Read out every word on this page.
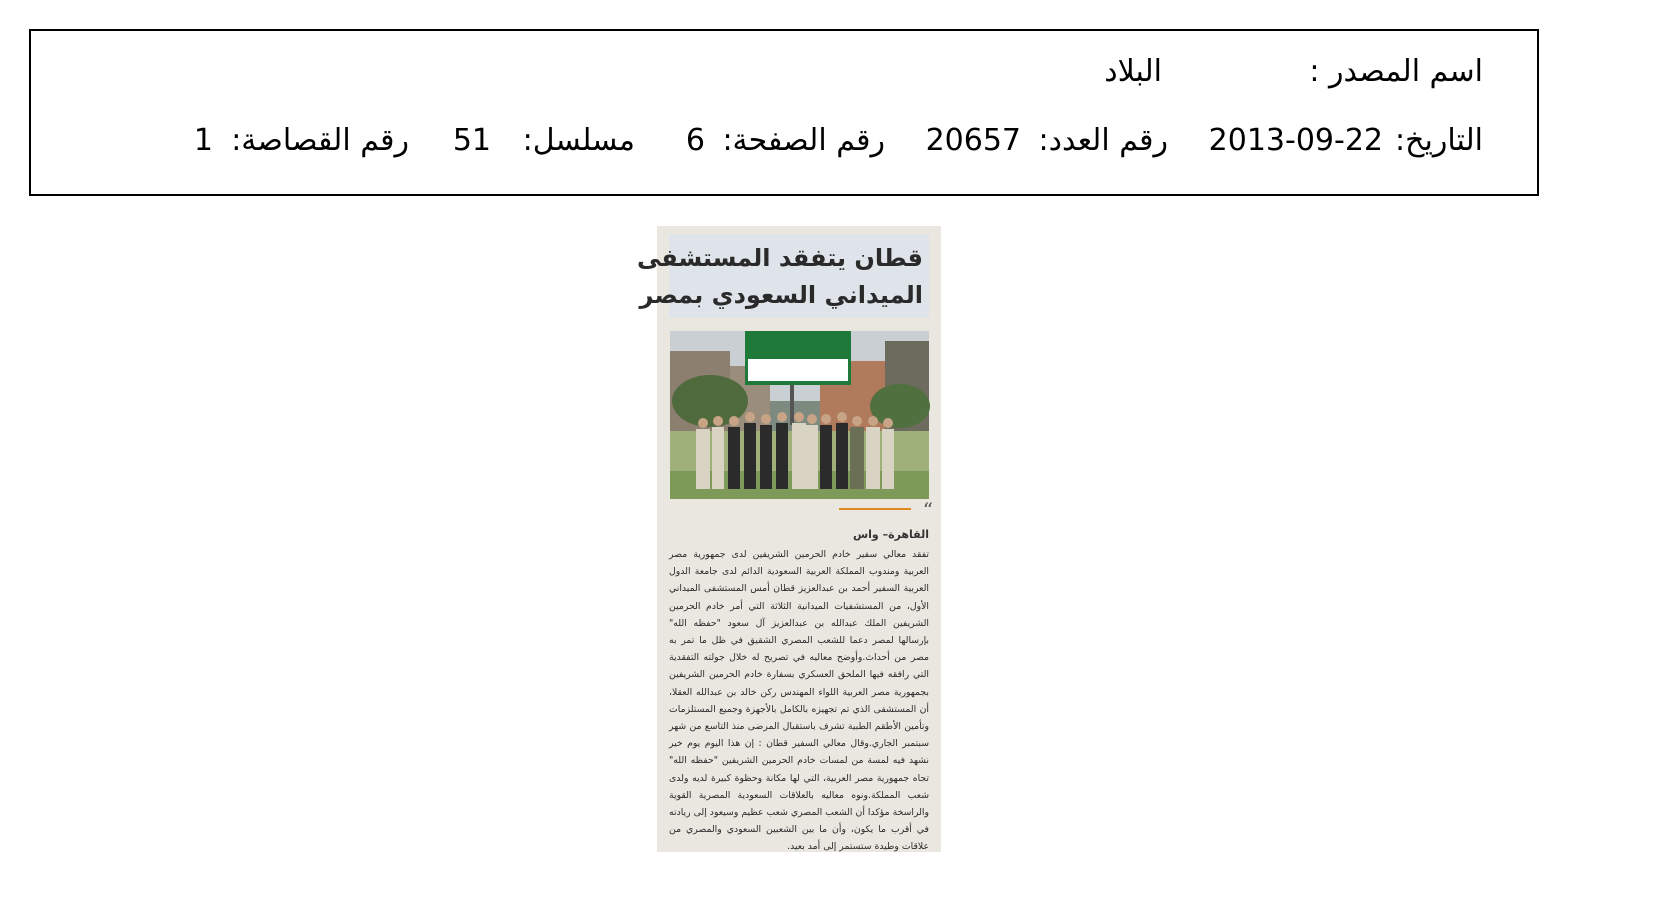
اسم المصدر :
البلاد
التاريخ:
2013-09-22
رقم العدد:
20657
رقم الصفحة:
6
مسلسل:
51
رقم القصاصة:
1
قطان يتفقد المستشفى
الميداني السعودي بمصر
“
القاهرة– واس
تفقد معالي سفير خادم الحرمين الشريفين لدى جمهورية مصر العربية ومندوب المملكة العربية السعودية الدائم لدى جامعة الدول العربية السفير أحمد بن عبدالعزيز قطان أمس المستشفى الميداني الأول، من المستشفيات الميدانية الثلاثة التي أمر خادم الحرمين الشريفين الملك عبدالله بن عبدالعزيز آل سعود "حفظه الله" بإرسالها لمصر دعما للشعب المصري الشقيق في ظل ما تمر به مصر من أحداث.وأوضح معاليه في تصريح له خلال جولته التفقدية التي رافقه فيها الملحق العسكري بسفارة خادم الحرمين الشريفين بجمهورية مصر العربية اللواء المهندس ركن خالد بن عبدالله العقلا، أن المستشفى الذي تم تجهيزه بالكامل بالأجهزة وجميع المستلزمات وتأمين الأطقم الطبية تشرف باستقبال المرضى منذ التاسع من شهر سبتمبر الجاري.وقال معالي السفير قطان : إن هذا اليوم يوم خير نشهد فيه لمسة من لمسات خادم الحرمين الشريفين "حفظه الله" تجاه جمهورية مصر العربية، التي لها مكانة وحظوة كبيرة لديه ولدى شعب المملكة.ونوه معاليه بالعلاقات السعودية المصرية القوية والراسخة مؤكدا أن الشعب المصري شعب عظيم وسيعود إلى ريادته في أقرب ما يكون، وأن ما بين الشعبين السعودي والمصري من علاقات وطيدة ستستمر إلى أمد بعيد.
